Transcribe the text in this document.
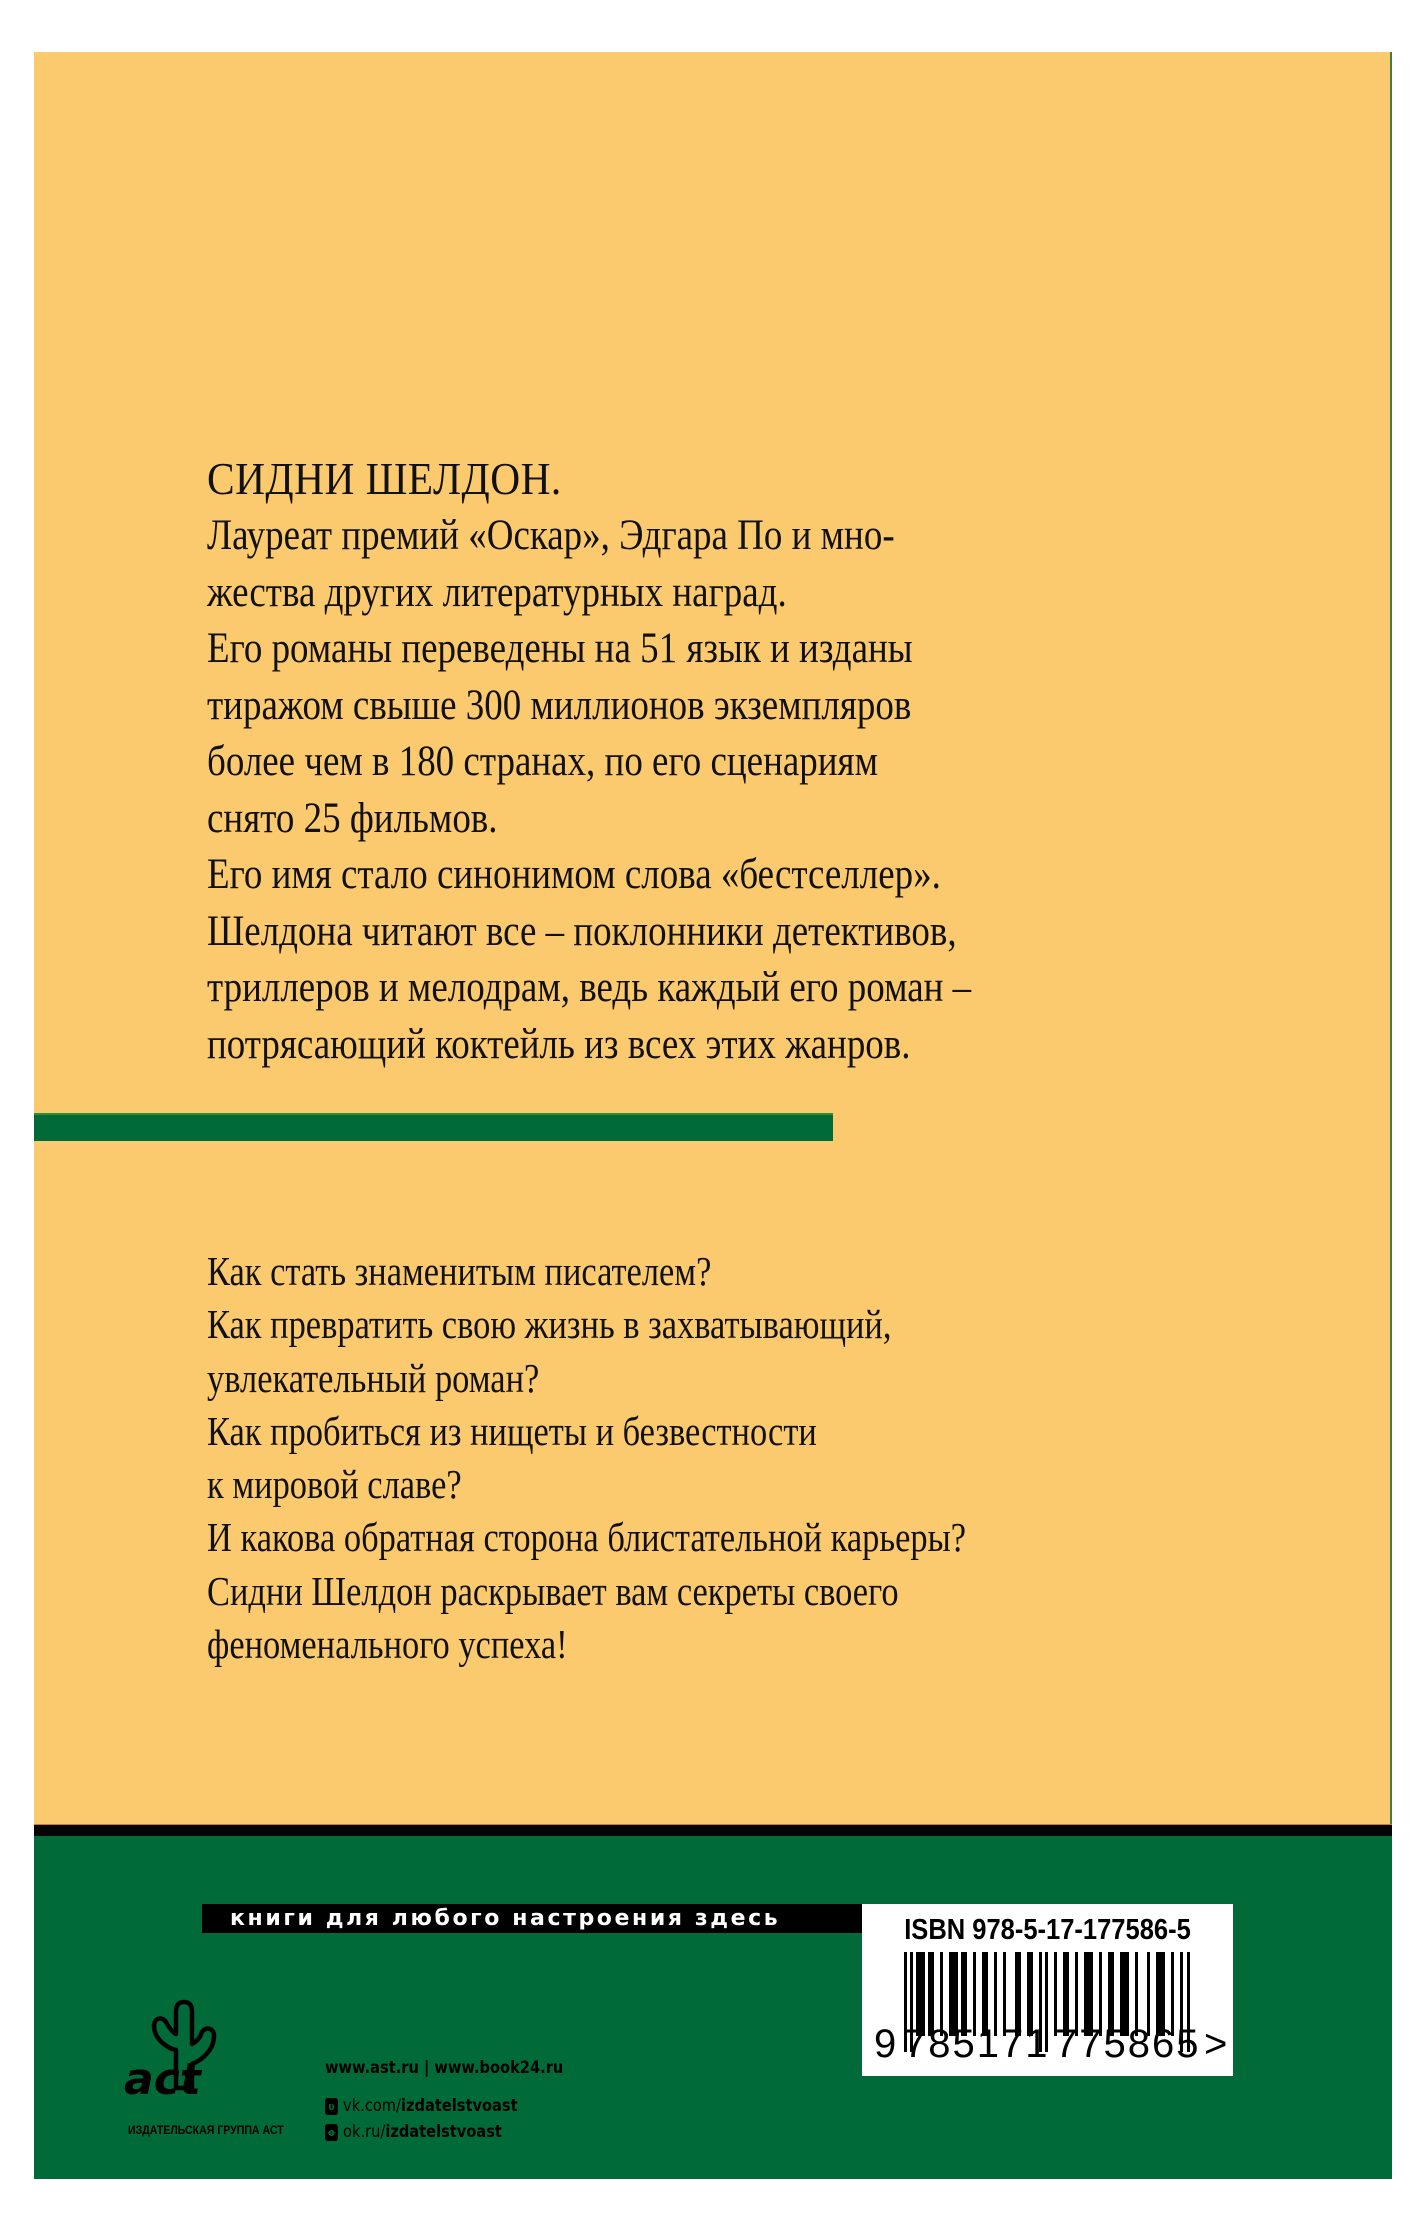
СИДНИ ШЕЛДОН.
Лауреат премий «Оскар», Эдгара По и мно-
жества других литературных наград.
Его романы переведены на 51 язык и изданы
тиражом свыше 300 миллионов экземпляров
более чем в 180 странах, по его сценариям
снято 25 фильмов.
Его имя стало синонимом слова «бестселлер».
Шелдона читают все – поклонники детективов,
триллеров и мелодрам, ведь каждый его роман –
потрясающий коктейль из всех этих жанров.
Как стать знаменитым писателем?
Как превратить свою жизнь в захватывающий,
увлекательный роман?
Как пробиться из нищеты и безвестности
к мировой славе?
И какова обратная сторона блистательной карьеры?
Сидни Шелдон раскрывает вам секреты своего
феноменального успеха!
книги для любого настроения здесь
act
ИЗДАТЕЛЬСКАЯ ГРУППА АСТ
www.ast.ru | www.book24.ru
ʋ vk.com/ izdatelstvoast
ꝋ ok.ru/ izdatelstvoast
ISBN 978-5-17-177586-5
9 785171 775865>
